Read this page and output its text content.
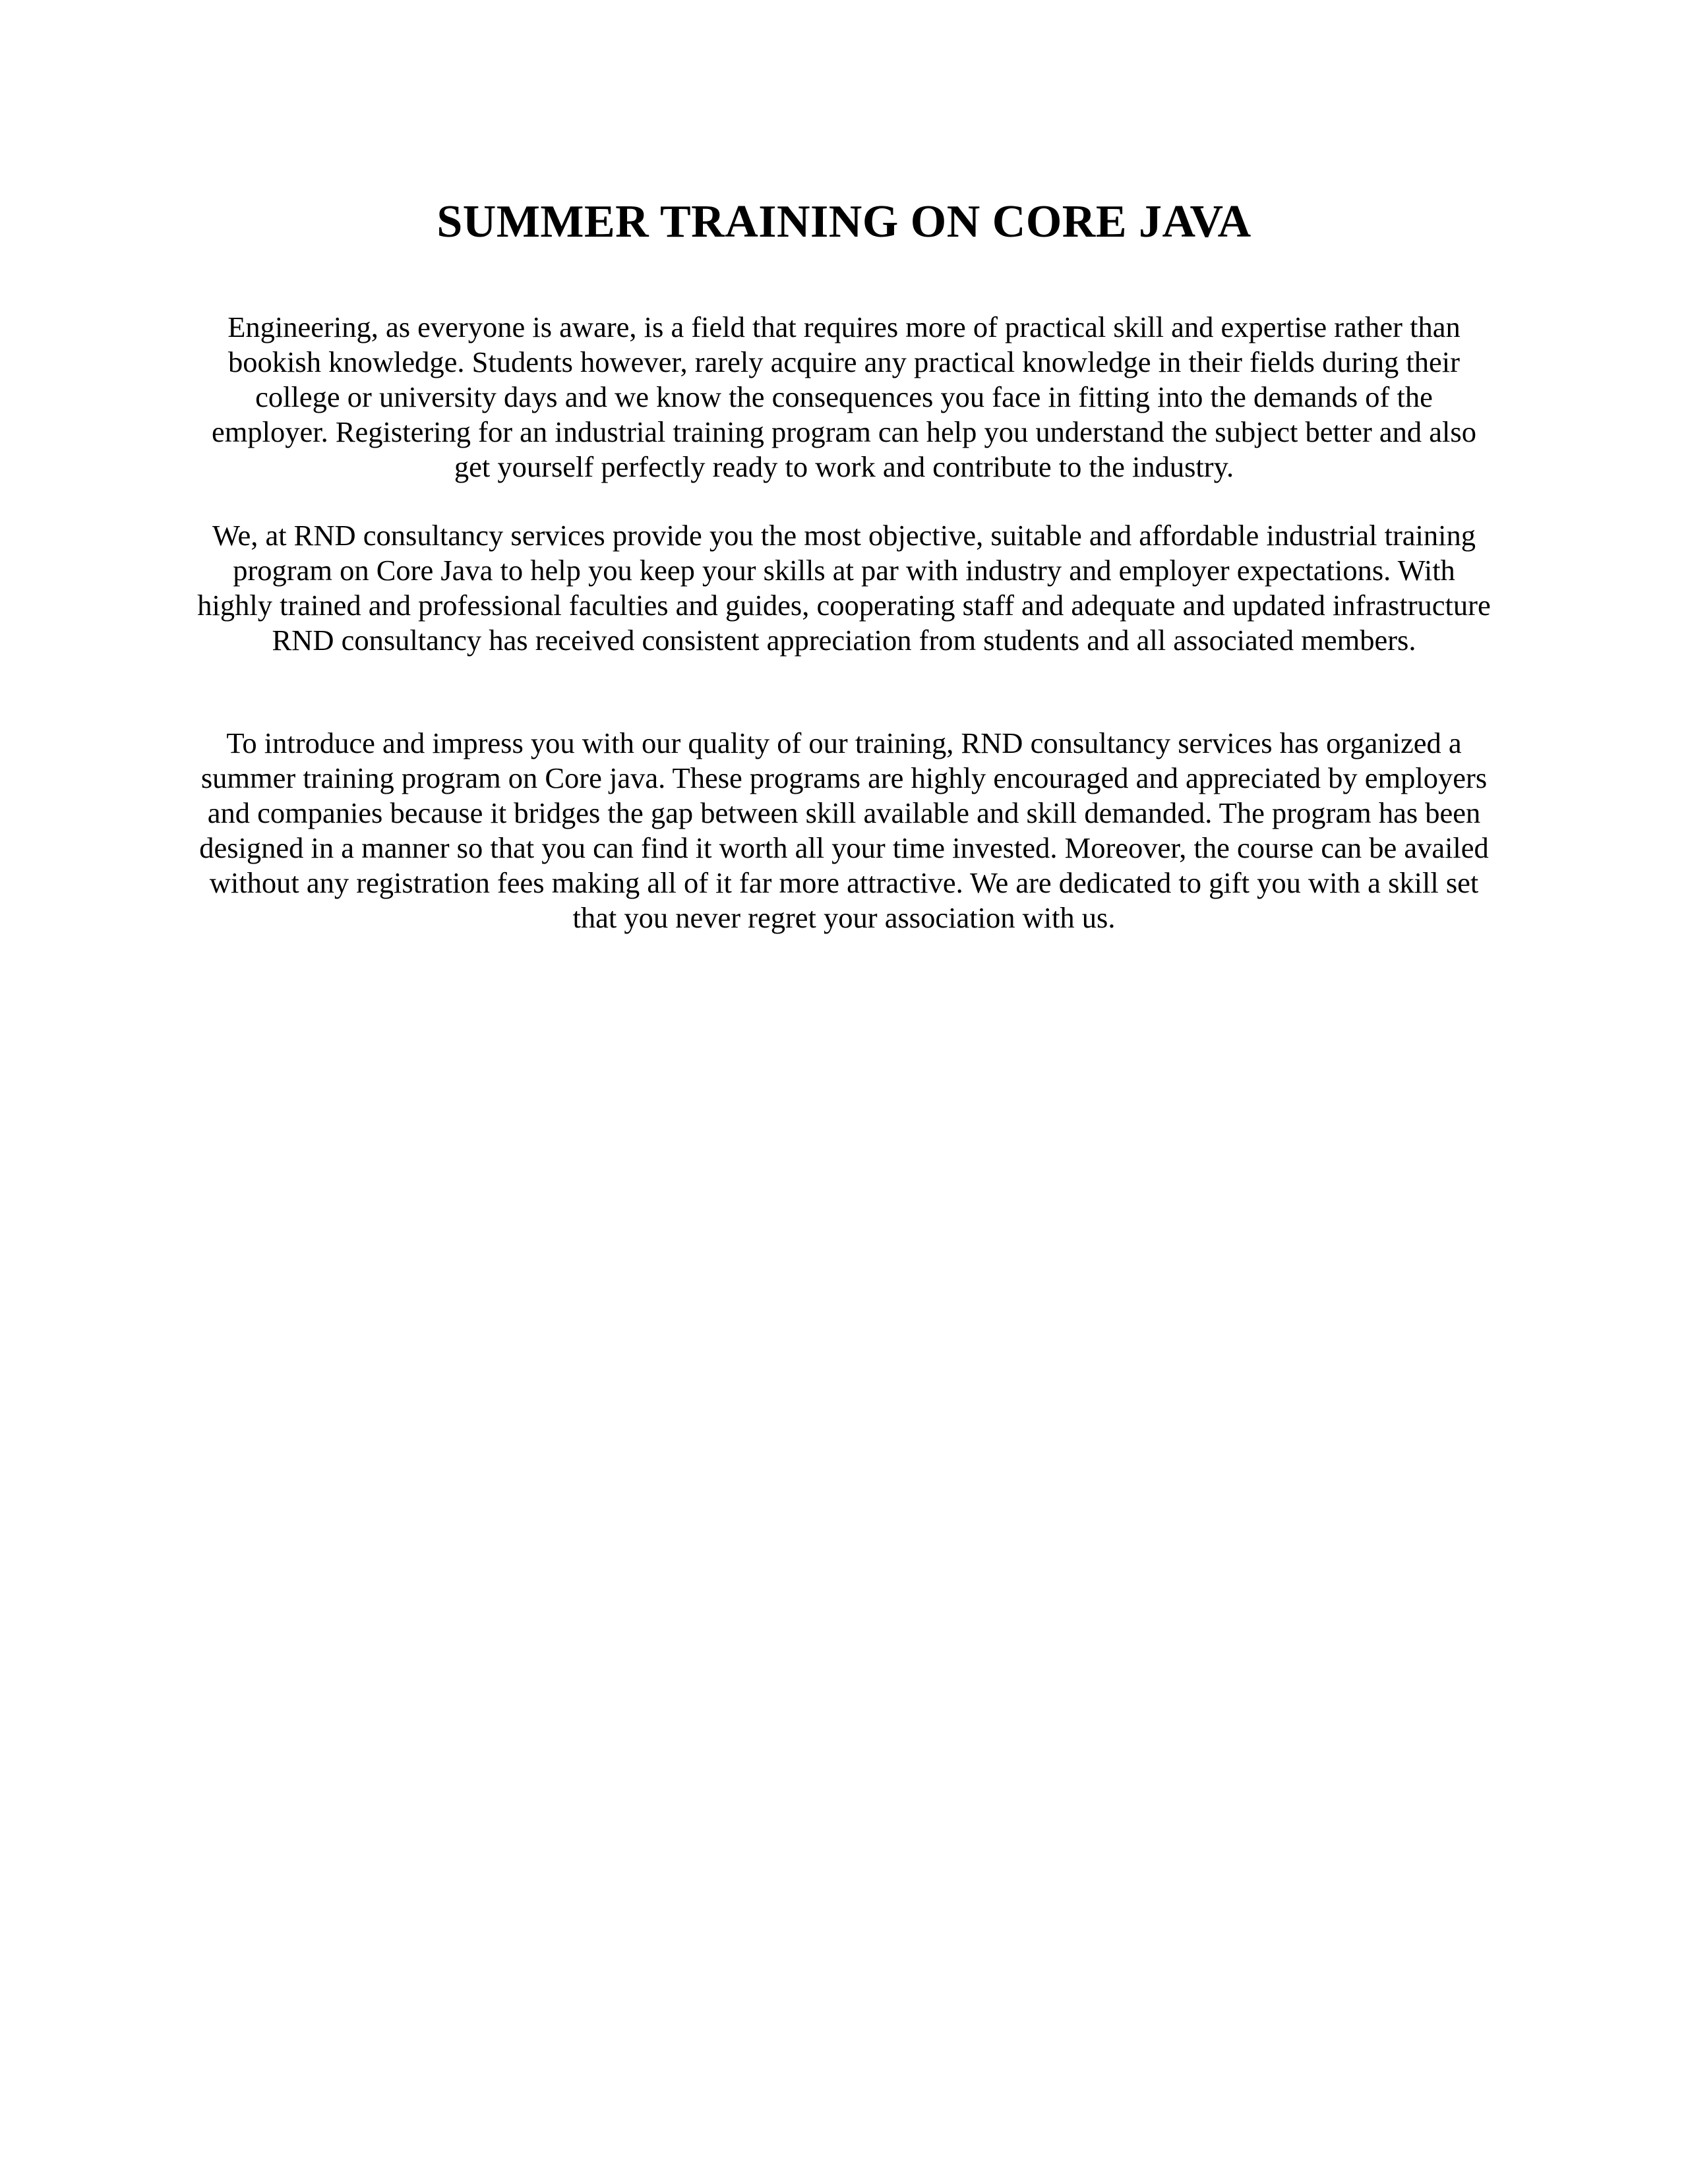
SUMMER TRAINING ON CORE JAVA

Engineering, as everyone is aware, is a field that requires more of practical skill and expertise rather than bookish knowledge. Students however, rarely acquire any practical knowledge in their fields during their college or university days and we know the consequences you face in fitting into the demands of the employer. Registering for an industrial training program can help you understand the subject better and also get yourself perfectly ready to work and contribute to the industry.

We, at RND consultancy services provide you the most objective, suitable and affordable industrial training program on Core Java to help you keep your skills at par with industry and employer expectations. With highly trained and professional faculties and guides, cooperating staff and adequate and updated infrastructure RND consultancy has received consistent appreciation from students and all associated members.

To introduce and impress you with our quality of our training, RND consultancy services has organized a summer training program on Core java. These programs are highly encouraged and appreciated by employers and companies because it bridges the gap between skill available and skill demanded. The program has been designed in a manner so that you can find it worth all your time invested. Moreover, the course can be availed without any registration fees making all of it far more attractive. We are dedicated to gift you with a skill set that you never regret your association with us.
